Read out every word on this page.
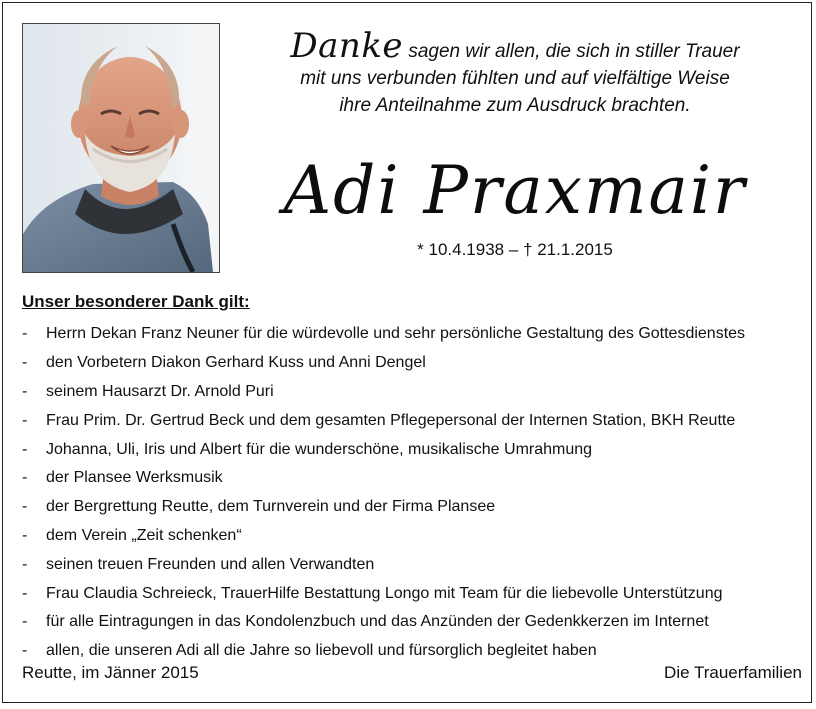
Danke sagen wir allen, die sich in stiller Trauer
mit uns verbunden fühlten und auf vielfältige Weise
ihre Anteilnahme zum Ausdruck brachten.
Adi Praxmair
* 10.4.1938 – † 21.1.2015
Unser besonderer Dank gilt:
-	Herrn Dekan Franz Neuner für die würdevolle und sehr persönliche Gestaltung des Gottesdienstes
-	den Vorbetern Diakon Gerhard Kuss und Anni Dengel
-	seinem Hausarzt Dr. Arnold Puri
-	Frau Prim. Dr. Gertrud Beck und dem gesamten Pflegepersonal der Internen Station, BKH Reutte
-	Johanna, Uli, Iris und Albert für die wunderschöne, musikalische Umrahmung
-	der Plansee Werksmusik
-	der Bergrettung Reutte, dem Turnverein und der Firma Plansee
-	dem Verein „Zeit schenken“
-	seinen treuen Freunden und allen Verwandten
-	Frau Claudia Schreieck, TrauerHilfe Bestattung Longo mit Team für die liebevolle Unterstützung
-	für alle Eintragungen in das Kondolenzbuch und das Anzünden der Gedenkkerzen im Internet
-	allen, die unseren Adi all die Jahre so liebevoll und fürsorglich begleitet haben
Reutte, im Jänner 2015	Die Trauerfamilien
